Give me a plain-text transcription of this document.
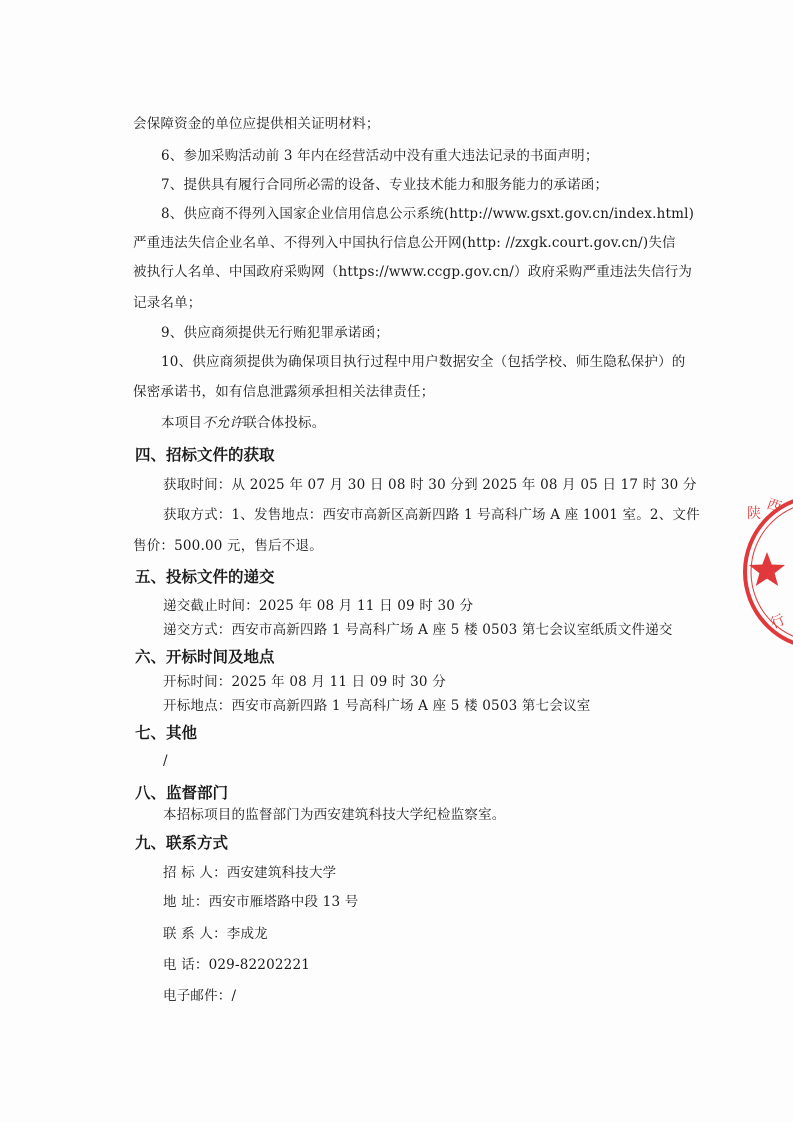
会保障资金的单位应提供相关证明材料；
6、参加采购活动前 3 年内在经营活动中没有重大违法记录的书面声明；
7、提供具有履行合同所必需的设备、专业技术能力和服务能力的承诺函；
8、供应商不得列入国家企业信用信息公示系统(http://www.gsxt.gov.cn/index.html)
严重违法失信企业名单、不得列入中国执行信息公开网(http: //zxgk.court.gov.cn/)失信
被执行人名单、中国政府采购网（https://www.ccgp.gov.cn/）政府采购严重违法失信行为
记录名单；
9、供应商须提供无行贿犯罪承诺函；
10、供应商须提供为确保项目执行过程中用户数据安全（包括学校、师生隐私保护）的
保密承诺书，如有信息泄露须承担相关法律责任；
本项目不允许联合体投标。
四、招标文件的获取
获取时间：从 2025 年 07 月 30 日 08 时 30 分到 2025 年 08 月 05 日 17 时 30 分
获取方式：1、发售地点：西安市高新区高新四路 1 号高科广场 A 座 1001 室。2、文件
售价：500.00 元，售后不退。
五、投标文件的递交
递交截止时间：2025 年 08 月 11 日 09 时 30 分
递交方式：西安市高新四路 1 号高科广场 A 座 5 楼 0503 第七会议室纸质文件递交
六、开标时间及地点
开标时间：2025 年 08 月 11 日 09 时 30 分
开标地点：西安市高新四路 1 号高科广场 A 座 5 楼 0503 第七会议室
七、其他
/
八、监督部门
本招标项目的监督部门为西安建筑科技大学纪检监察室。
九、联系方式
招 标 人：西安建筑科技大学
地 址：西安市雁塔路中段 13 号
联 系 人：李成龙
电 话：029-82202221
电子邮件：/
陕 西
行
